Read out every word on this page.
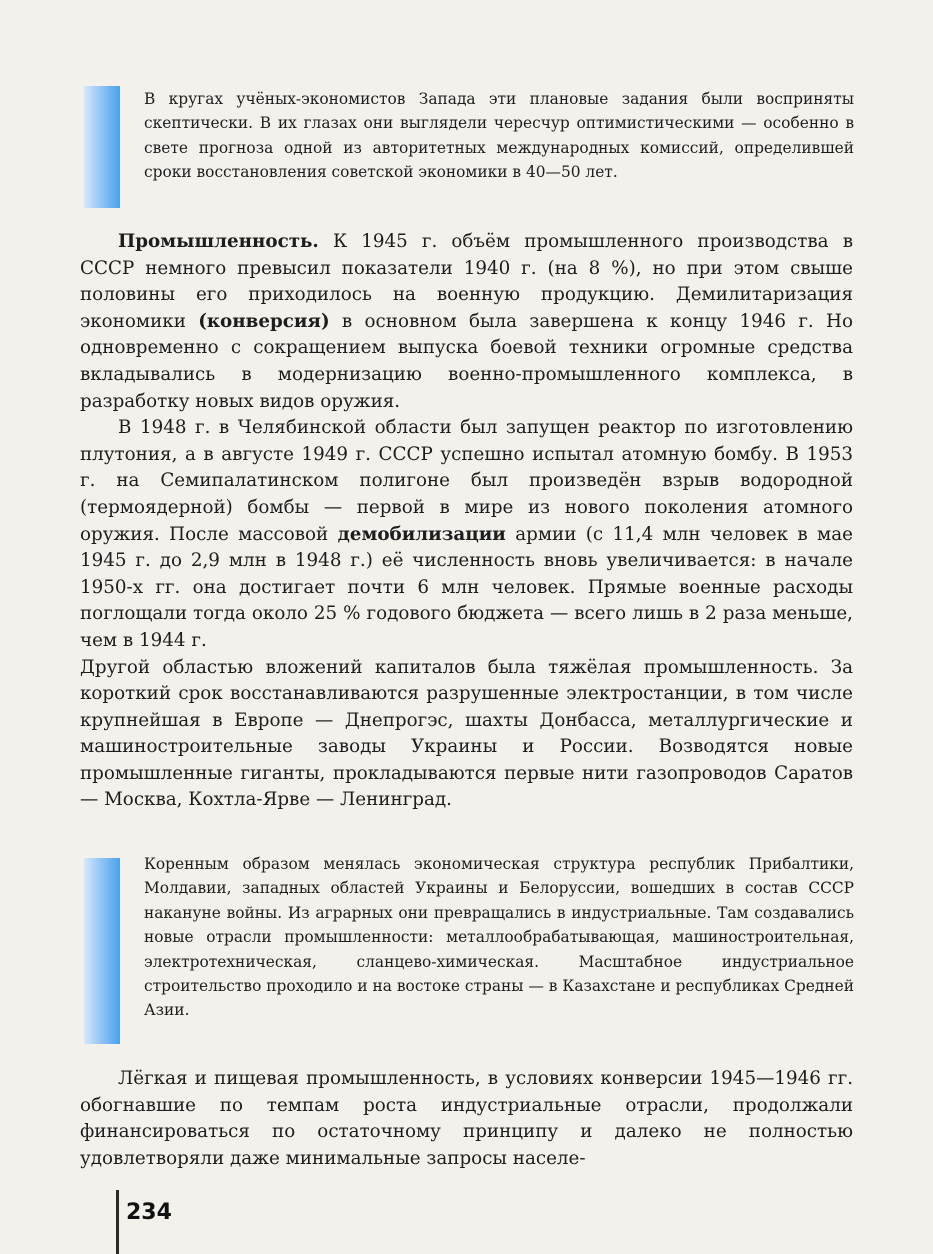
В кругах учёных-экономистов Запада эти плановые задания были восприняты скептически. В их глазах они выглядели чересчур оптимистическими — особенно в свете прогноза одной из авторитетных международных комиссий, определившей сроки восстановления советской экономики в 40—50 лет.

Промышленность. К 1945 г. объём промышленного производства в СССР немного превысил показатели 1940 г. (на 8 %), но при этом свыше половины его приходилось на военную продукцию. Демилитаризация экономики (конверсия) в основном была завершена к концу 1946 г. Но одновременно с сокращением выпуска боевой техники огромные средства вкладывались в модернизацию военно-промышленного комплекса, в разработку новых видов оружия.

В 1948 г. в Челябинской области был запущен реактор по изготовлению плутония, а в августе 1949 г. СССР успешно испытал атомную бомбу. В 1953 г. на Семипалатинском полигоне был произведён взрыв водородной (термоядерной) бомбы — первой в мире из нового поколения атомного оружия. После массовой демобилизации армии (с 11,4 млн человек в мае 1945 г. до 2,9 млн в 1948 г.) её численность вновь увеличивается: в начале 1950-х гг. она достигает почти 6 млн человек. Прямые военные расходы поглощали тогда около 25 % годового бюджета — всего лишь в 2 раза меньше, чем в 1944 г.

Другой областью вложений капиталов была тяжёлая промышленность. За короткий срок восстанавливаются разрушенные электростанции, в том числе крупнейшая в Европе — Днепрогэс, шахты Донбасса, металлургические и машиностроительные заводы Украины и России. Возводятся новые промышленные гиганты, прокладываются первые нити газопроводов Саратов — Москва, Кохтла-Ярве — Ленинград.

Коренным образом менялась экономическая структура республик Прибалтики, Молдавии, западных областей Украины и Белоруссии, вошедших в состав СССР накануне войны. Из аграрных они превращались в индустриальные. Там создавались новые отрасли промышленности: металлообрабатывающая, машиностроительная, электротехническая, сланцево-химическая. Масштабное индустриальное строительство проходило и на востоке страны — в Казахстане и республиках Средней Азии.

Лёгкая и пищевая промышленность, в условиях конверсии 1945—1946 гг. обогнавшие по темпам роста индустриальные отрасли, продолжали финансироваться по остаточному принципу и далеко не полностью удовлетворяли даже минимальные запросы населе-

234
